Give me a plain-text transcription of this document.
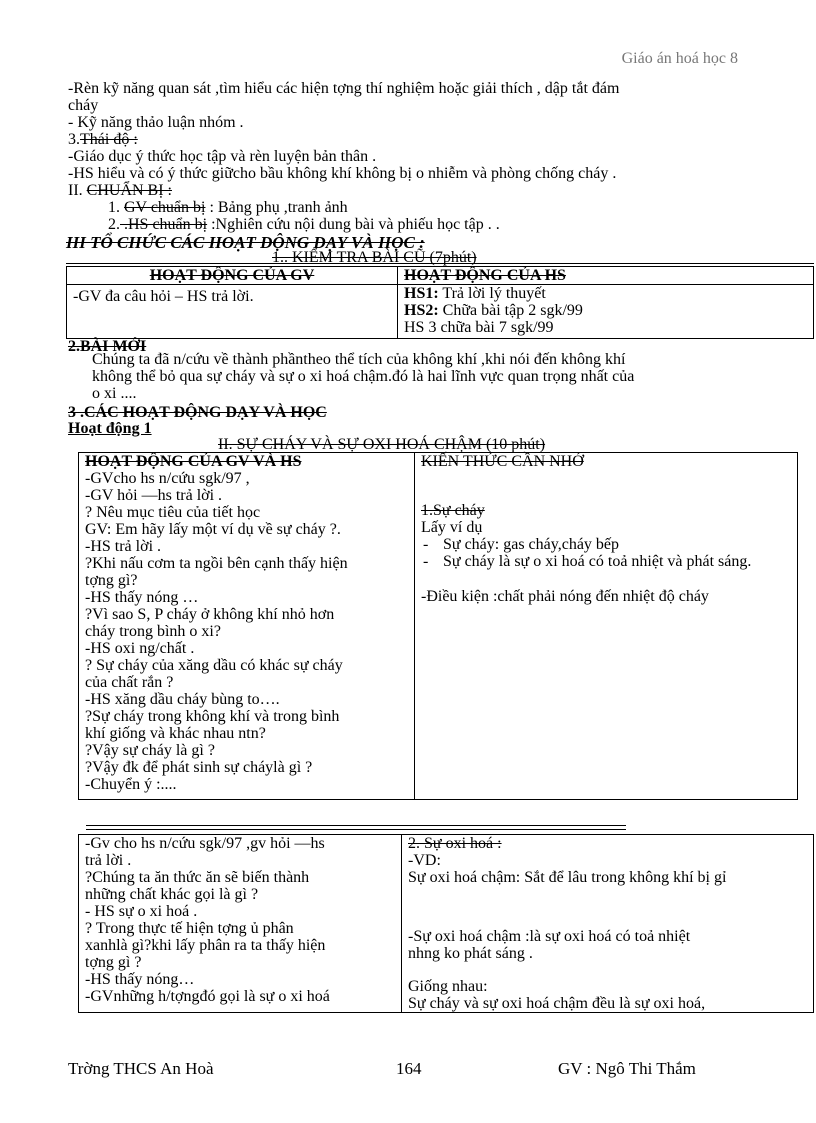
Giáo án hoá học 8
-Rèn kỹ năng quan sát ,tìm hiểu các hiện tợng thí nghiệm hoặc giải thích , dập tắt đám
cháy
- Kỹ năng thảo luận nhóm .
3.Thái độ :
-Giáo dục ý thức học tập và rèn luyện bản thân .
-HS hiểu và có ý thức giữcho bầu không khí không bị o nhiễm và phòng chống cháy .
II. CHUẨN BỊ :
1. GV chuẩn bị : Bảng phụ ,tranh ảnh
2. .HS chuẩn bị :Nghiên cứu nội dung bài và phiếu học tập . .
III TỔ CHỨC CÁC HOẠT ĐỘNG DẠY VÀ HỌC :
1.. KIỂM TRA BÀI CŨ (7phút)
HOẠT ĐỘNG CỦA GV	HOẠT ĐỘNG CỦA HS
-GV đa câu hỏi – HS trả lời.	HS1: Trả lời lý thuyết
HS2: Chữa bài tập 2 sgk/99
HS 3 chữa bài 7 sgk/99
2.BÀI MỚI
Chúng ta đã n/cứu về thành phầntheo thể tích của không khí ,khi nói đến không khí
không thể bỏ qua sự cháy và sự o xi hoá chậm.đó là hai lĩnh vực quan trọng nhất của
o xi ....
3 .CÁC HOẠT ĐỘNG DẠY VÀ HỌC
Hoạt động 1
II. SỰ CHÁY VÀ SỰ OXI HOÁ CHẬM (10 phút)
HOẠT ĐỘNG CỦA GV VÀ HS
-GVcho hs n/cứu sgk/97 ,
-GV hỏi —hs trả lời .
? Nêu mục tiêu của tiết học
GV: Em hãy lấy một ví dụ về sự cháy ?.
-HS trả lời .
?Khi nấu cơm ta ngồi bên cạnh thấy hiện
tợng gì?
-HS thấy nóng …
?Vì sao S, P cháy ở không khí nhỏ hơn
cháy trong bình o xi?
-HS oxi ng/chất .
? Sự cháy của xăng dầu có khác sự cháy
của chất rắn ?
-HS xăng dầu cháy bùng to….
?Sự cháy trong không khí và trong bình
khí giống và khác nhau ntn?
?Vậy sự cháy là gì ?
?Vậy đk để phát sinh sự cháylà gì ?
-Chuyển ý :....

KIẾN THỨC CẦN NHỚ
1.Sự cháy
Lấy ví dụ
- Sự cháy: gas cháy,cháy bếp
- Sự cháy là sự o xi hoá có toả nhiệt và phát sáng.
-Điều kiện :chất phải nóng đến nhiệt độ cháy
-Gv cho hs n/cứu sgk/97 ,gv hỏi —hs
trả lời .
?Chúng ta ăn thức ăn sẽ biến thành
những chất khác gọi là gì ?
- HS sự o xi hoá .
? Trong thực tế hiện tợng ủ phân
xanhlà gì?khi lấy phân ra ta thấy hiện
tợng gì ?
-HS thấy nóng…
-GVnhững h/tợngđó gọi là sự o xi hoá

2. Sự oxi hoá :
-VD:
Sự oxi hoá chậm: Sắt để lâu trong không khí bị gỉ
-Sự oxi hoá chậm :là sự oxi hoá có toả nhiệt
nhng ko phát sáng .
Giống nhau:
Sự cháy và sự oxi hoá chậm đều là sự oxi hoá,
Trờng THCS An Hoà	164	GV : Ngô Thi Thắm
